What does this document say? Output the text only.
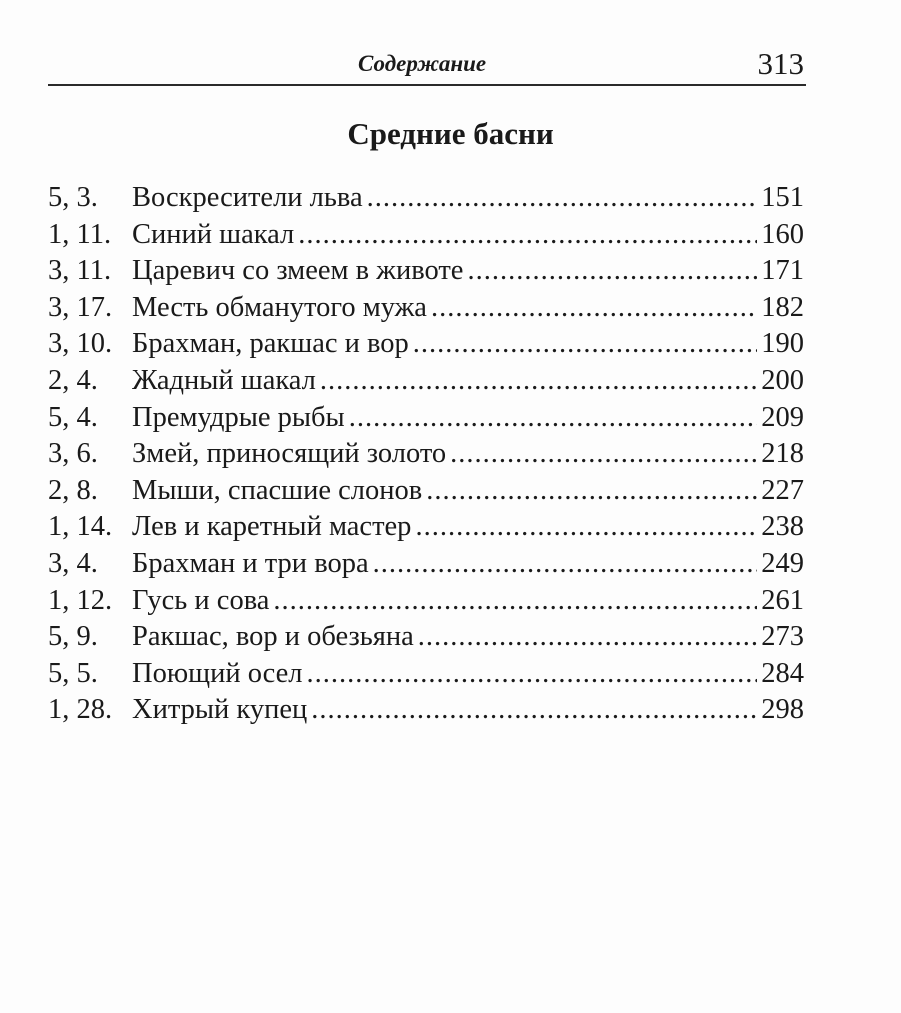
Содержание	313
Средние басни
5, 3.	Воскресители льва .....	151
1, 11. Синий шакал .....	160
3, 11. Царевич со змеем в животе .....	171
3, 17. Месть обманутого мужа .....	182
3, 10. Брахман, ракшас и вор .....	190
2, 4.	Жадный шакал .....	200
5, 4.	Премудрые рыбы .....	209
3, 6.	Змей, приносящий золото .....	218
2, 8.	Мыши, спасшие слонов .....	227
1, 14. Лев и каретный мастер .....	238
3, 4.	Брахман и три вора .....	249
1, 12. Гусь и сова .....	261
5, 9.	Ракшас, вор и обезьяна .....	273
5, 5.	Поющий осел .....	284
1, 28. Хитрый купец .....	298
